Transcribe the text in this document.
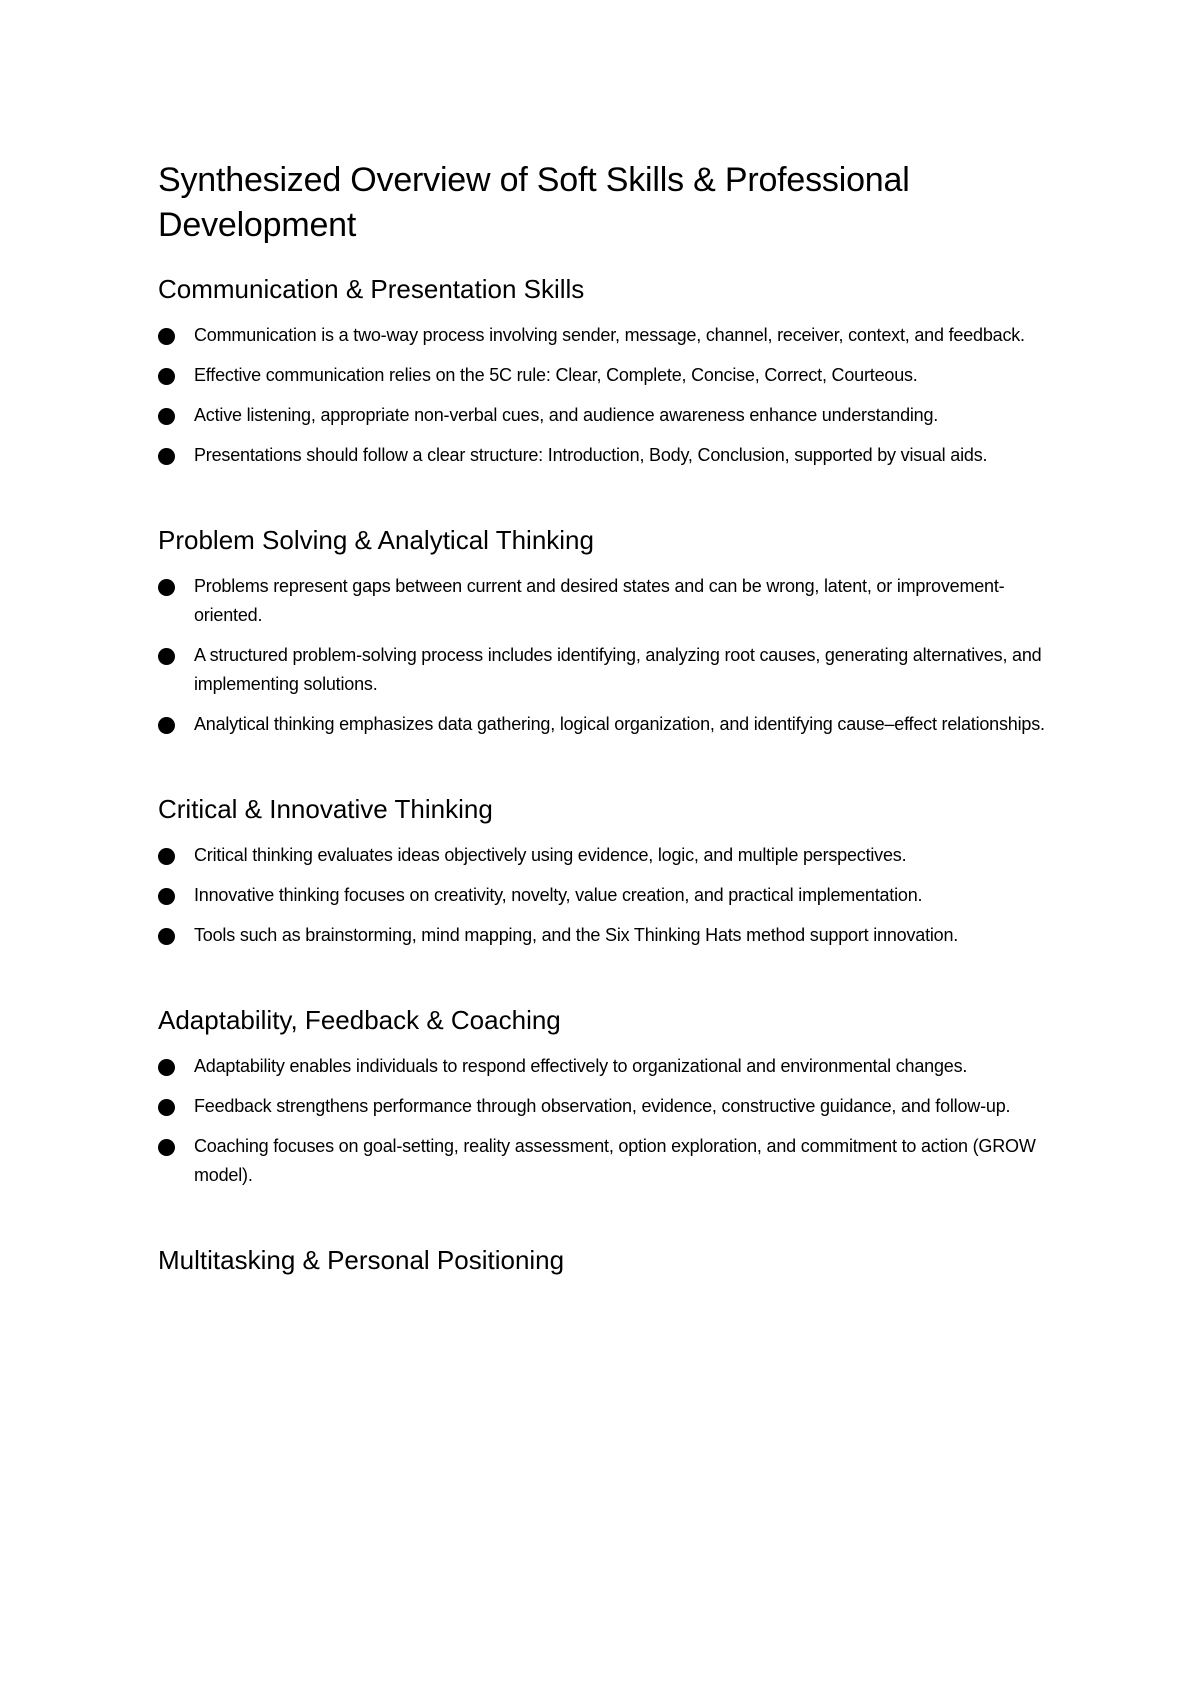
Synthesized Overview of Soft Skills & Professional Development
Communication & Presentation Skills
Communication is a two-way process involving sender, message, channel, receiver, context, and feedback.
Effective communication relies on the 5C rule: Clear, Complete, Concise, Correct, Courteous.
Active listening, appropriate non-verbal cues, and audience awareness enhance understanding.
Presentations should follow a clear structure: Introduction, Body, Conclusion, supported by visual aids.
Problem Solving & Analytical Thinking
Problems represent gaps between current and desired states and can be wrong, latent, or improvement-oriented.
A structured problem-solving process includes identifying, analyzing root causes, generating alternatives, and implementing solutions.
Analytical thinking emphasizes data gathering, logical organization, and identifying cause–effect relationships.
Critical & Innovative Thinking
Critical thinking evaluates ideas objectively using evidence, logic, and multiple perspectives.
Innovative thinking focuses on creativity, novelty, value creation, and practical implementation.
Tools such as brainstorming, mind mapping, and the Six Thinking Hats method support innovation.
Adaptability, Feedback & Coaching
Adaptability enables individuals to respond effectively to organizational and environmental changes.
Feedback strengthens performance through observation, evidence, constructive guidance, and follow-up.
Coaching focuses on goal-setting, reality assessment, option exploration, and commitment to action (GROW model).
Multitasking & Personal Positioning
